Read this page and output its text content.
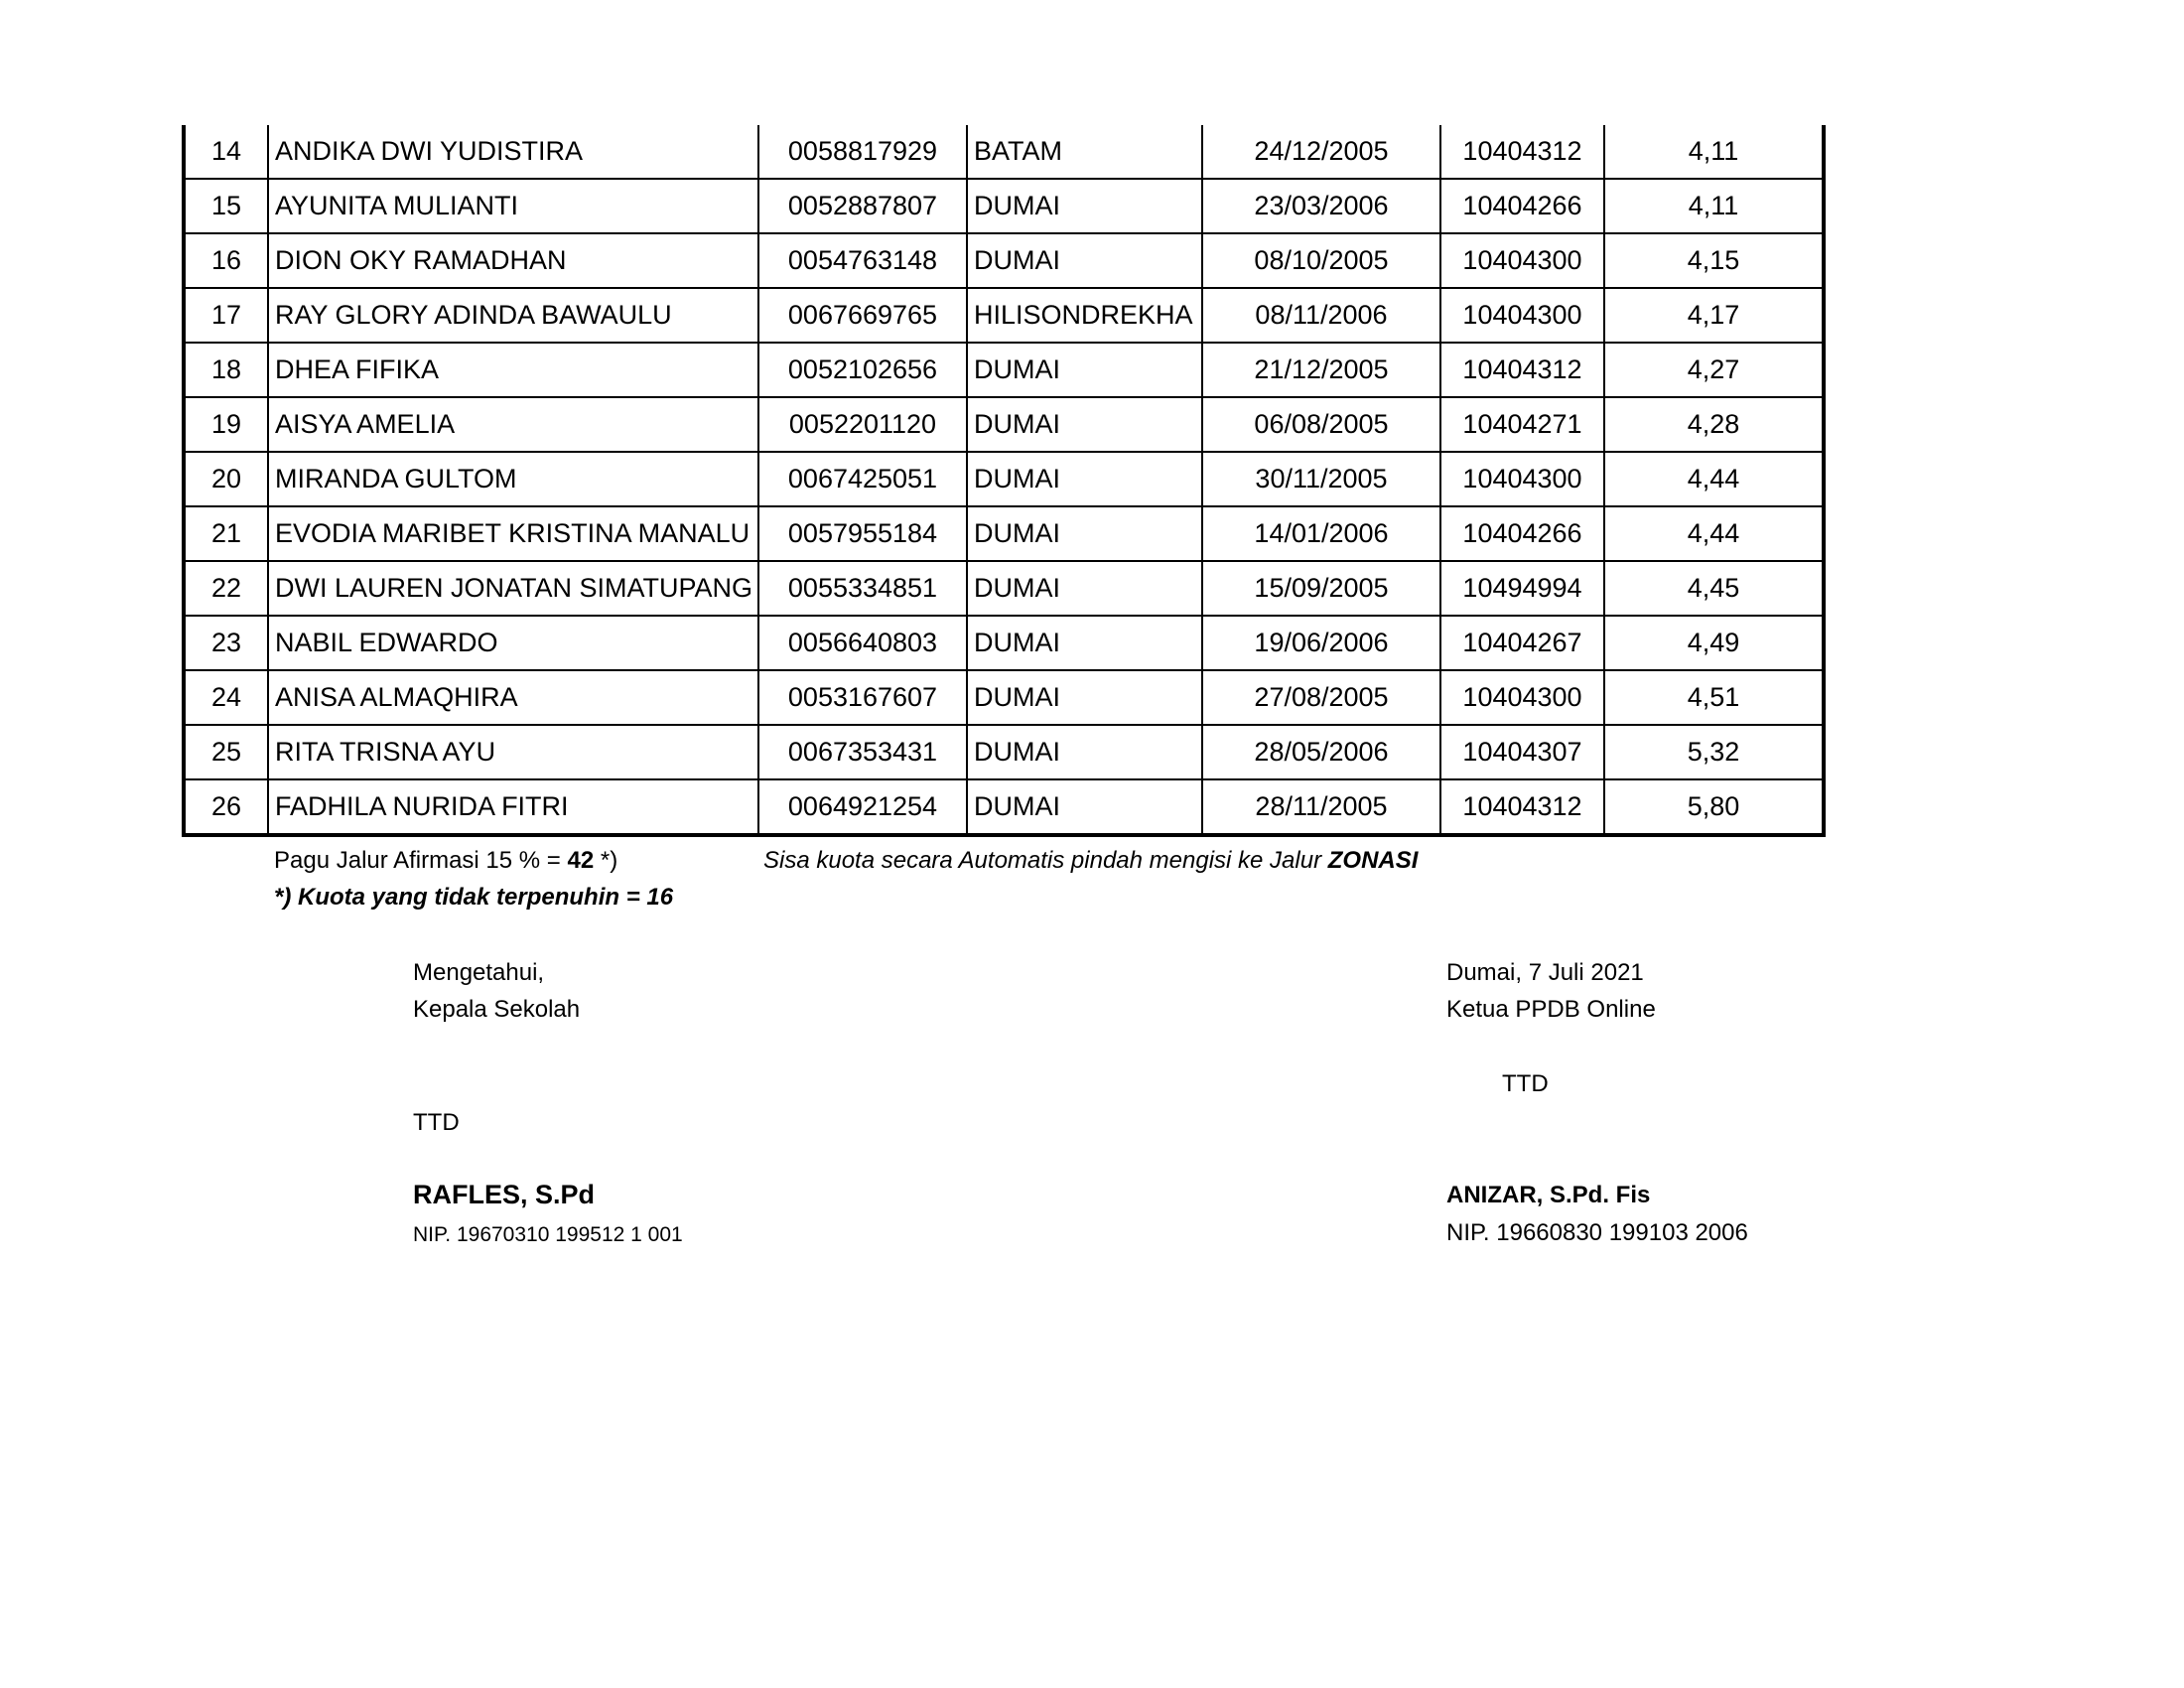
14	ANDIKA DWI YUDISTIRA	0058817929	BATAM	24/12/2005	10404312	4,11
15	AYUNITA MULIANTI	0052887807	DUMAI	23/03/2006	10404266	4,11
16	DION OKY RAMADHAN	0054763148	DUMAI	08/10/2005	10404300	4,15
17	RAY GLORY ADINDA BAWAULU	0067669765	HILISONDREKHA	08/11/2006	10404300	4,17
18	DHEA FIFIKA	0052102656	DUMAI	21/12/2005	10404312	4,27
19	AISYA AMELIA	0052201120	DUMAI	06/08/2005	10404271	4,28
20	MIRANDA GULTOM	0067425051	DUMAI	30/11/2005	10404300	4,44
21	EVODIA MARIBET KRISTINA MANALU	0057955184	DUMAI	14/01/2006	10404266	4,44
22	DWI LAUREN JONATAN SIMATUPANG	0055334851	DUMAI	15/09/2005	10494994	4,45
23	NABIL EDWARDO	0056640803	DUMAI	19/06/2006	10404267	4,49
24	ANISA ALMAQHIRA	0053167607	DUMAI	27/08/2005	10404300	4,51
25	RITA TRISNA AYU	0067353431	DUMAI	28/05/2006	10404307	5,32
26	FADHILA NURIDA FITRI	0064921254	DUMAI	28/11/2005	10404312	5,80
Pagu Jalur Afirmasi 15 % = 42 *)	Sisa kuota secara Automatis pindah mengisi ke Jalur ZONASI
*) Kuota yang tidak terpenuhin = 16
Mengetahui,
Kepala Sekolah
TTD
RAFLES, S.Pd
NIP. 19670310 199512 1 001
Dumai, 7 Juli 2021
Ketua PPDB Online
TTD
ANIZAR, S.Pd. Fis
NIP. 19660830 199103 2006
